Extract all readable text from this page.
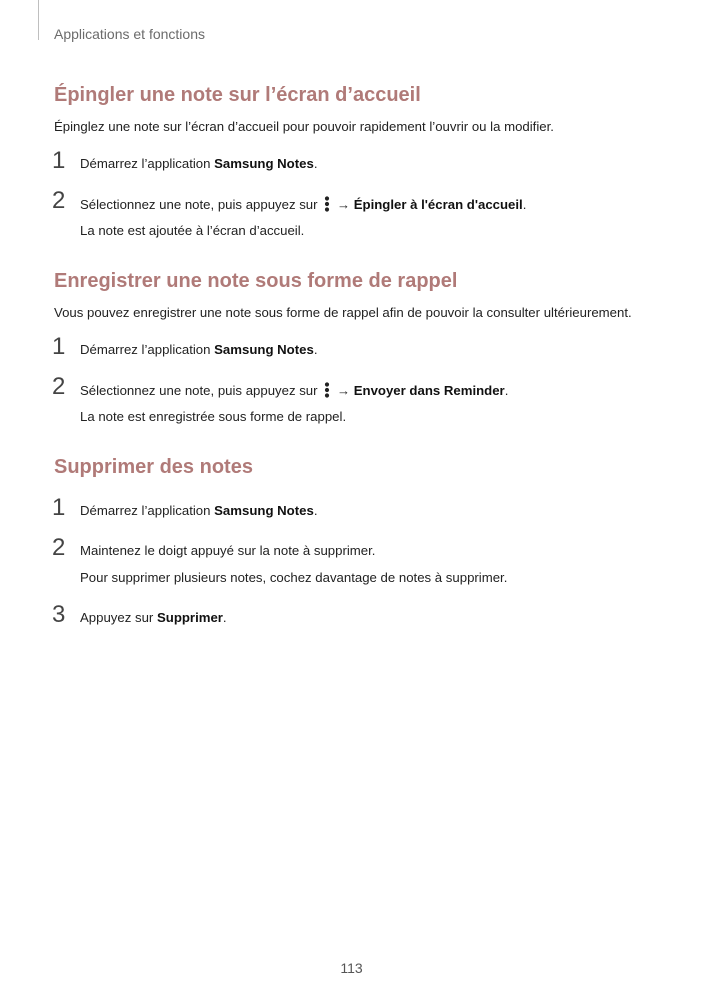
Applications et fonctions
Épingler une note sur l’écran d’accueil
Épinglez une note sur l’écran d’accueil pour pouvoir rapidement l’ouvrir ou la modifier.
1 Démarrez l’application Samsung Notes.
2 Sélectionnez une note, puis appuyez sur
→ Épingler à l'écran d'accueil.
La note est ajoutée à l’écran d’accueil.
Enregistrer une note sous forme de rappel
Vous pouvez enregistrer une note sous forme de rappel afin de pouvoir la consulter ultérieurement.
1 Démarrez l’application Samsung Notes.
2 Sélectionnez une note, puis appuyez sur
→ Envoyer dans Reminder.
La note est enregistrée sous forme de rappel.
Supprimer des notes
1 Démarrez l’application Samsung Notes.
2 Maintenez le doigt appuyé sur la note à supprimer.
Pour supprimer plusieurs notes, cochez davantage de notes à supprimer.
3 Appuyez sur Supprimer.
113
